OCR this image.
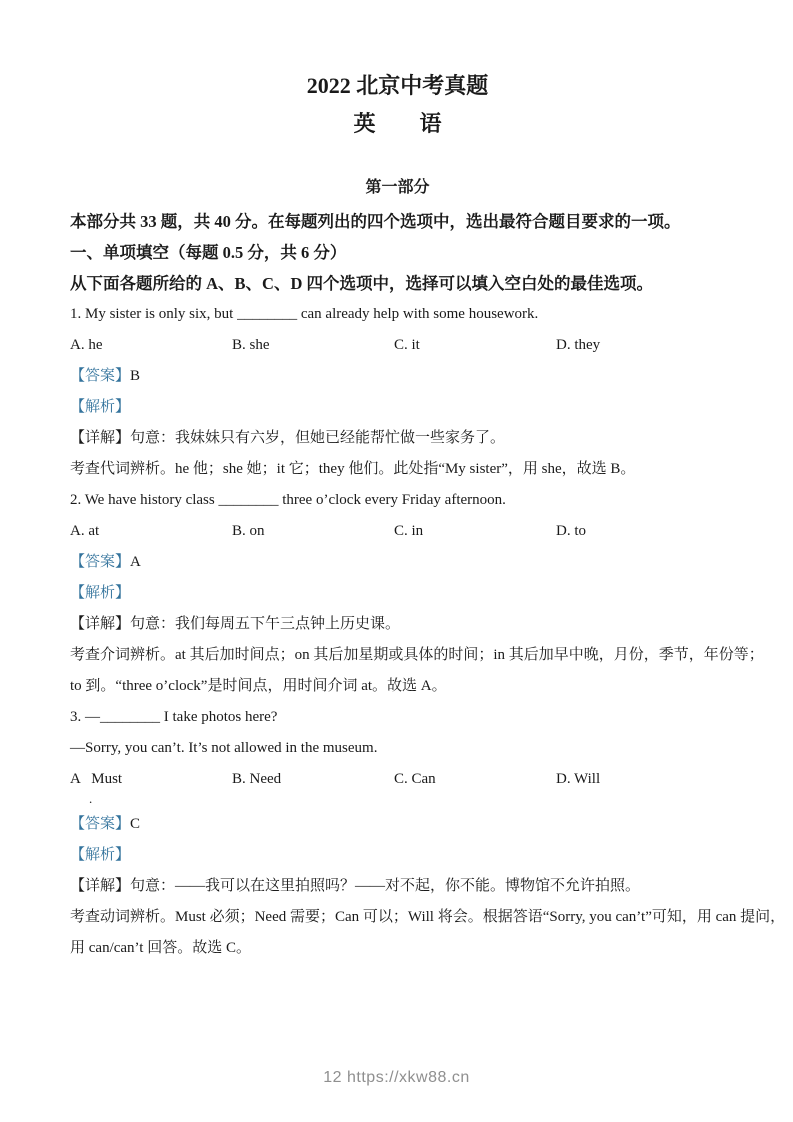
2022 北京中考真题
英　　语
第一部分

本部分共 33 题，共 40 分。在每题列出的四个选项中，选出最符合题目要求的一项。

一、单项填空（每题 0.5 分，共 6 分）

从下面各题所给的 A、B、C、D 四个选项中，选择可以填入空白处的最佳选项。

1. My sister is only six, but ________ can already help with some housework.

A. he	B. she	C. it	D. they

【答案】B

【解析】

【详解】句意：我妹妹只有六岁，但她已经能帮忙做一些家务了。

考查代词辨析。he 他；she 她；it 它；they 他们。此处指“My sister”，用 she，故选 B。

2. We have history class ________ three o’clock every Friday afternoon.

A. at	B. on	C. in	D. to

【答案】A

【解析】

【详解】句意：我们每周五下午三点钟上历史课。

考查介词辨析。at 其后加时间点；on 其后加星期或具体的时间；in 其后加早中晚，月份，季节，年份等；

to 到。“three o’clock”是时间点，用时间介词 at。故选 A。

3. —________ I take photos here?

—Sorry, you can’t. It’s not allowed in the museum.

A   Must	B. Need	C. Can	D. Will
.

【答案】C

【解析】

【详解】句意：——我可以在这里拍照吗？——对不起，你不能。博物馆不允许拍照。

考查动词辨析。Must 必须；Need 需要；Can 可以；Will 将会。根据答语“Sorry, you can’t”可知，用 can 提问，

用 can/can’t 回答。故选 C。

12 https://xkw88.cn
